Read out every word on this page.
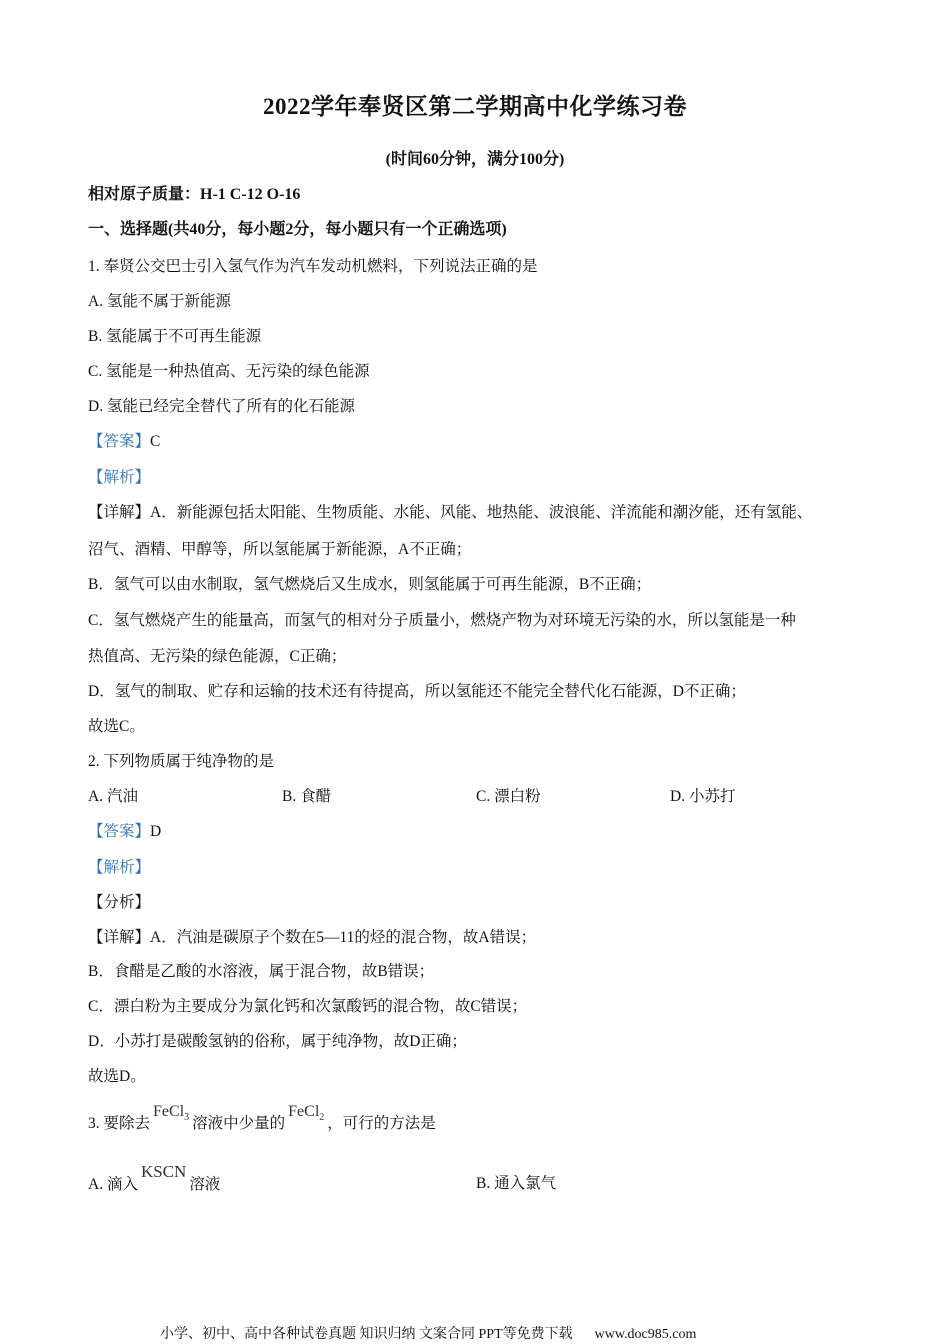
2022学年奉贤区第二学期高中化学练习卷
(时间60分钟，满分100分)
相对原子质量：H-1 C-12 O-16
一、选择题(共40分，每小题2分，每小题只有一个正确选项)
1. 奉贤公交巴士引入氢气作为汽车发动机燃料，下列说法正确的是
A. 氢能不属于新能源
B. 氢能属于不可再生能源
C. 氢能是一种热值高、无污染的绿色能源
D. 氢能已经完全替代了所有的化石能源
【答案】C
【解析】
【详解】A．新能源包括太阳能、生物质能、水能、风能、地热能、波浪能、洋流能和潮汐能，还有氢能、
沼气、酒精、甲醇等，所以氢能属于新能源，A不正确；
B．氢气可以由水制取，氢气燃烧后又生成水，则氢能属于可再生能源，B不正确；
C．氢气燃烧产生的能量高，而氢气的相对分子质量小，燃烧产物为对环境无污染的水，所以氢能是一种
热值高、无污染的绿色能源，C正确；
D．氢气的制取、贮存和运输的技术还有待提高，所以氢能还不能完全替代化石能源，D不正确；
故选C。
2. 下列物质属于纯净物的是
A. 汽油	B. 食醋	C. 漂白粉	D. 小苏打
【答案】D
【解析】
【分析】
【详解】A．汽油是碳原子个数在5—11的烃的混合物，故A错误；
B．食醋是乙酸的水溶液，属于混合物，故B错误；
C．漂白粉为主要成分为氯化钙和次氯酸钙的混合物，故C错误；
D．小苏打是碳酸氢钠的俗称，属于纯净物，故D正确；
故选D。
3. 要除去FeCl$_3$ 溶液中少量的FeCl$_2$ ，可行的方法是
A. 滴入KSCN溶液	B. 通入氯气
小学、初中、高中各种试卷真题 知识归纳 文案合同 PPT等免费下载 www.doc985.com
